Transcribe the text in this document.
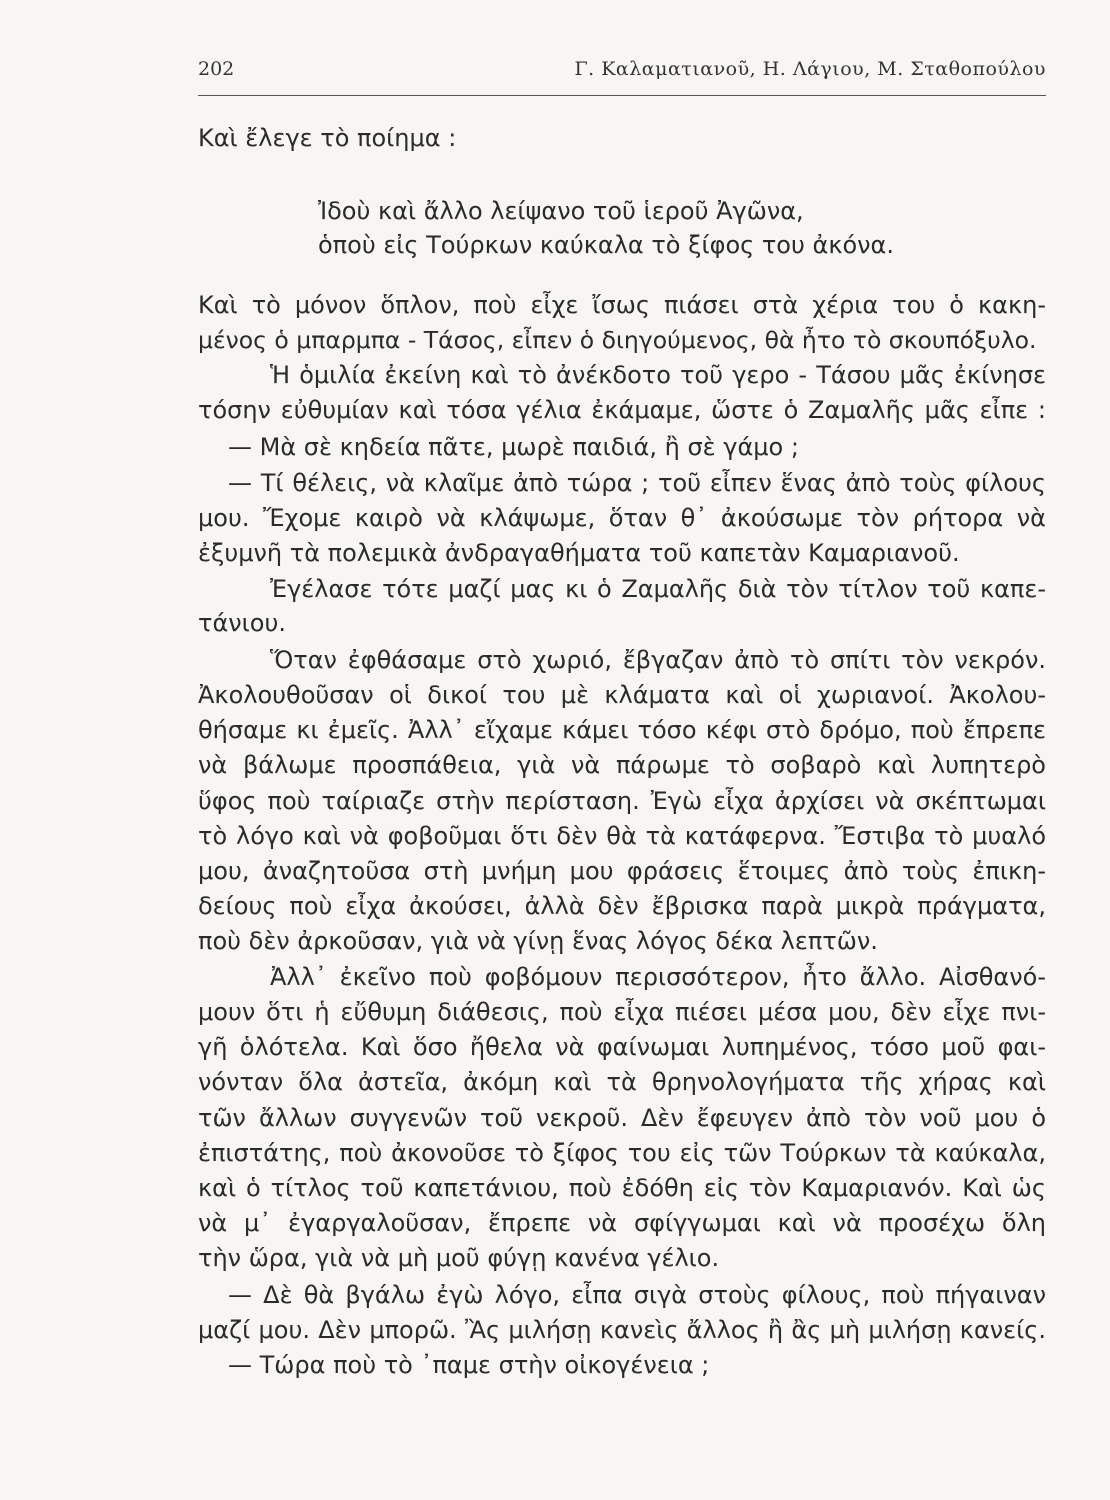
202	Γ. Καλαματιανοῦ, Η. Λάγιου, Μ. Σταθοπούλου
Καὶ ἔλεγε τὸ ποίημα :
Ἰδοὺ καὶ ἄλλο λείψανο τοῦ ἱεροῦ Ἀγῶνα,
ὁποὺ εἰς Τούρκων καύκαλα τὸ ξίφος του ἀκόνα.
Καὶ τὸ μόνον ὅπλον, ποὺ εἶχε ἴσως πιάσει στὰ χέρια του ὁ κακη-
μένος ὁ μπαρμπα - Τάσος, εἶπεν ὁ διηγούμενος, θὰ ἦτο τὸ σκουπόξυλο.
Ἡ ὁμιλία ἐκείνη καὶ τὸ ἀνέκδοτο τοῦ γερο - Τάσου μᾶς ἐκίνησε
τόσην εὐθυμίαν καὶ τόσα γέλια ἐκάμαμε, ὥστε ὁ Ζαμαλῆς μᾶς εἶπε :
— Μὰ σὲ κηδεία πᾶτε, μωρὲ παιδιά, ἢ σὲ γάμο ;
— Τί θέλεις, νὰ κλαῖμε ἀπὸ τώρα ; τοῦ εἶπεν ἕνας ἀπὸ τοὺς φίλους
μου. Ἔχομε καιρὸ νὰ κλάψωμε, ὅταν θ᾽ ἀκούσωμε τὸν ρήτορα νὰ
ἐξυμνῆ τὰ πολεμικὰ ἀνδραγαθήματα τοῦ καπετὰν Καμαριανοῦ.
Ἐγέλασε τότε μαζί μας κι ὁ Ζαμαλῆς διὰ τὸν τίτλον τοῦ καπε-
τάνιου.
Ὅταν ἐφθάσαμε στὸ χωριό, ἔβγαζαν ἀπὸ τὸ σπίτι τὸν νεκρόν.
Ἀκολουθοῦσαν οἱ δικοί του μὲ κλάματα καὶ οἱ χωριανοί. Ἀκολου-
θήσαμε κι ἐμεῖς. Ἀλλ᾽ εἴχαμε κάμει τόσο κέφι στὸ δρόμο, ποὺ ἔπρεπε
νὰ βάλωμε προσπάθεια, γιὰ νὰ πάρωμε τὸ σοβαρὸ καὶ λυπητερὸ
ὕφος ποὺ ταίριαζε στὴν περίσταση. Ἐγὼ εἶχα ἀρχίσει νὰ σκέπτωμαι
τὸ λόγο καὶ νὰ φοβοῦμαι ὅτι δὲν θὰ τὰ κατάφερνα. Ἔστιβα τὸ μυαλό
μου, ἀναζητοῦσα στὴ μνήμη μου φράσεις ἕτοιμες ἀπὸ τοὺς ἐπικη-
δείους ποὺ εἶχα ἀκούσει, ἀλλὰ δὲν ἔβρισκα παρὰ μικρὰ πράγματα,
ποὺ δὲν ἀρκοῦσαν, γιὰ νὰ γίνῃ ἕνας λόγος δέκα λεπτῶν.
Ἀλλ᾽ ἐκεῖνο ποὺ φοβόμουν περισσότερον, ἦτο ἄλλο. Αἰσθανό-
μουν ὅτι ἡ εὔθυμη διάθεσις, ποὺ εἶχα πιέσει μέσα μου, δὲν εἶχε πνι-
γῆ ὁλότελα. Καὶ ὅσο ἤθελα νὰ φαίνωμαι λυπημένος, τόσο μοῦ φαι-
νόνταν ὅλα ἀστεῖα, ἀκόμη καὶ τὰ θρηνολογήματα τῆς χήρας καὶ
τῶν ἄλλων συγγενῶν τοῦ νεκροῦ. Δὲν ἔφευγεν ἀπὸ τὸν νοῦ μου ὁ
ἐπιστάτης, ποὺ ἀκονοῦσε τὸ ξίφος του εἰς τῶν Τούρκων τὰ καύκαλα,
καὶ ὁ τίτλος τοῦ καπετάνιου, ποὺ ἐδόθη εἰς τὸν Καμαριανόν. Καὶ ὡς
νὰ μ᾽ ἐγαργαλοῦσαν, ἔπρεπε νὰ σφίγγωμαι καὶ νὰ προσέχω ὅλη
τὴν ὥρα, γιὰ νὰ μὴ μοῦ φύγῃ κανένα γέλιο.
— Δὲ θὰ βγάλω ἐγὼ λόγο, εἶπα σιγὰ στοὺς φίλους, ποὺ πήγαιναν
μαζί μου. Δὲν μπορῶ. Ἂς μιλήσῃ κανεὶς ἄλλος ἢ ἂς μὴ μιλήσῃ κανείς.
— Τώρα ποὺ τὸ ᾽παμε στὴν οἰκογένεια ;
